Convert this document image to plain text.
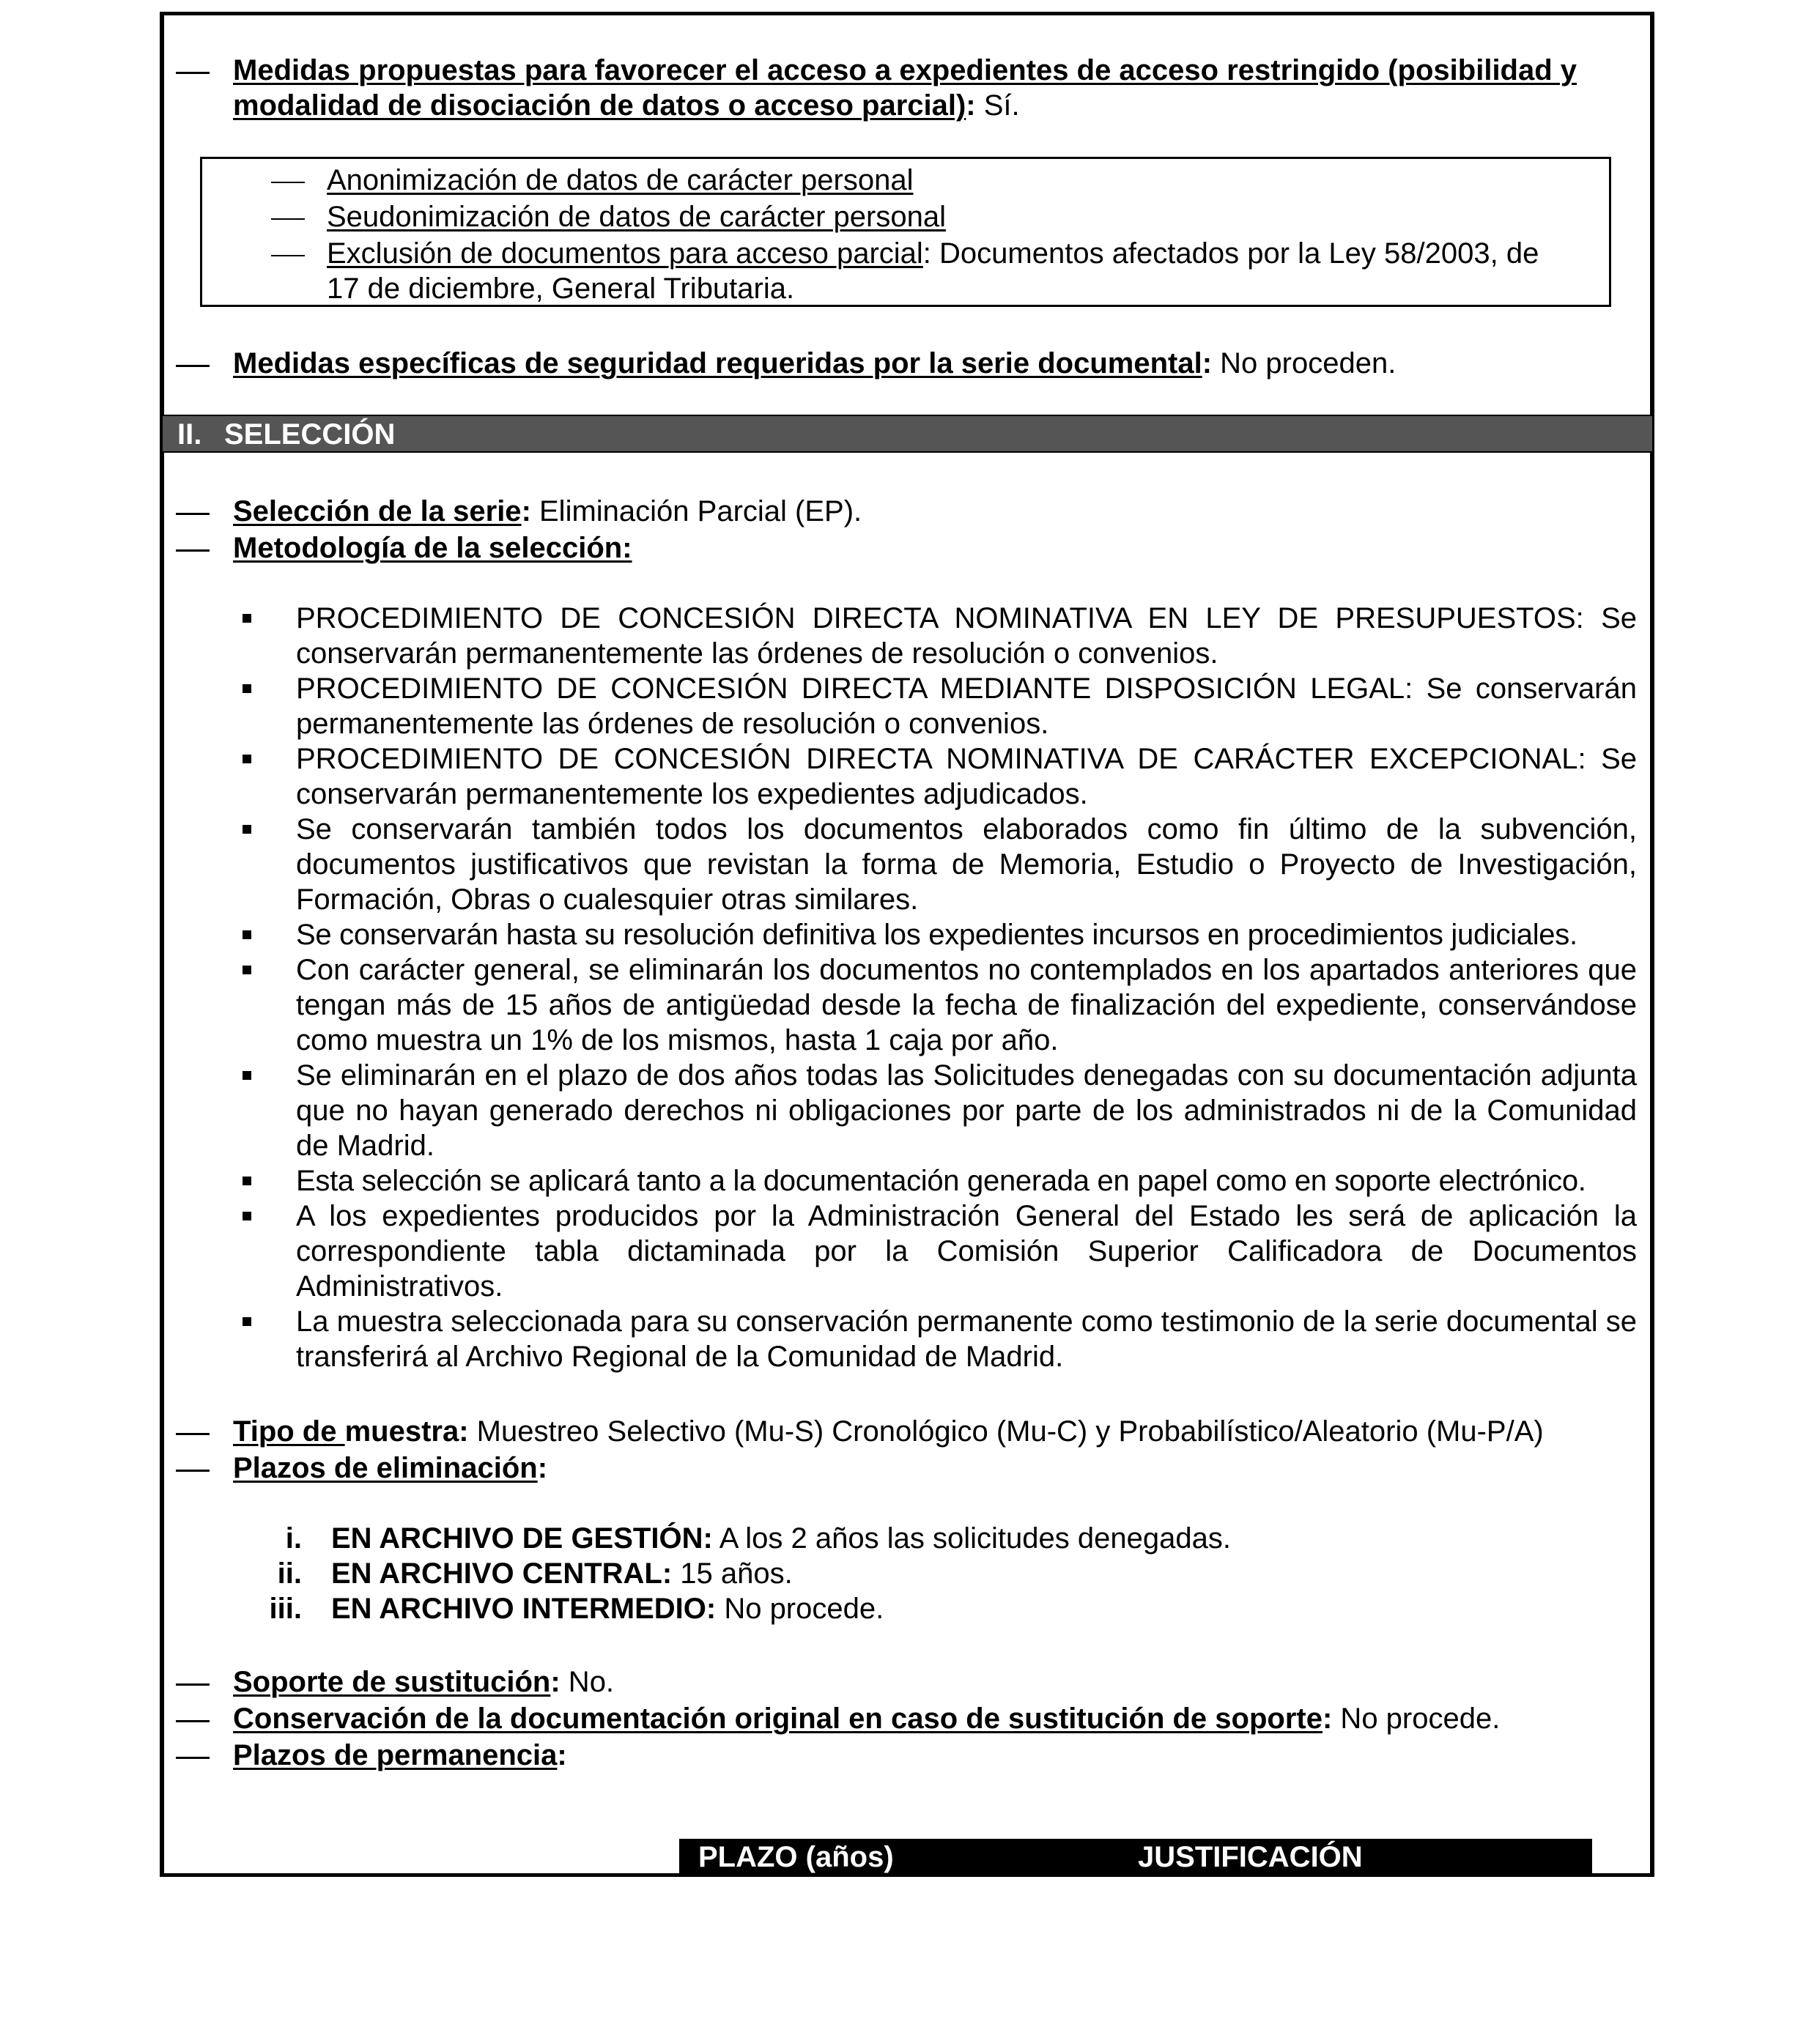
Medidas propuestas para favorecer el acceso a expedientes de acceso restringido (posibilidad y
modalidad de disociación de datos o acceso parcial): Sí.
Anonimización de datos de carácter personal
Seudonimización de datos de carácter personal
Exclusión de documentos para acceso parcial: Documentos afectados por la Ley 58/2003, de
17 de diciembre, General Tributaria.
Medidas específicas de seguridad requeridas por la serie documental: No proceden.
II. SELECCIÓN
Selección de la serie: Eliminación Parcial (EP).
Metodología de la selección:
PROCEDIMIENTO DE CONCESIÓN DIRECTA NOMINATIVA EN LEY DE PRESUPUESTOS: Se conservarán permanentemente las órdenes de resolución o convenios.
PROCEDIMIENTO DE CONCESIÓN DIRECTA MEDIANTE DISPOSICIÓN LEGAL: Se conservarán permanentemente las órdenes de resolución o convenios.
PROCEDIMIENTO DE CONCESIÓN DIRECTA NOMINATIVA DE CARÁCTER EXCEPCIONAL: Se conservarán permanentemente los expedientes adjudicados.
Se conservarán también todos los documentos elaborados como fin último de la subvención, documentos justificativos que revistan la forma de Memoria, Estudio o Proyecto de Investigación, Formación, Obras o cualesquier otras similares.
Se conservarán hasta su resolución definitiva los expedientes incursos en procedimientos judiciales.
Con carácter general, se eliminarán los documentos no contemplados en los apartados anteriores que tengan más de 15 años de antigüedad desde la fecha de finalización del expediente, conservándose como muestra un 1% de los mismos, hasta 1 caja por año.
Se eliminarán en el plazo de dos años todas las Solicitudes denegadas con su documentación adjunta que no hayan generado derechos ni obligaciones por parte de los administrados ni de la Comunidad de Madrid.
Esta selección se aplicará tanto a la documentación generada en papel como en soporte electrónico.
A los expedientes producidos por la Administración General del Estado les será de aplicación la correspondiente tabla dictaminada por la Comisión Superior Calificadora de Documentos Administrativos.
La muestra seleccionada para su conservación permanente como testimonio de la serie documental se transferirá al Archivo Regional de la Comunidad de Madrid.
Tipo de muestra: Muestreo Selectivo (Mu-S) Cronológico (Mu-C) y Probabilístico/Aleatorio (Mu-P/A)
Plazos de eliminación:
i. EN ARCHIVO DE GESTIÓN: A los 2 años las solicitudes denegadas.
ii. EN ARCHIVO CENTRAL: 15 años.
iii. EN ARCHIVO INTERMEDIO: No procede.
Soporte de sustitución: No.
Conservación de la documentación original en caso de sustitución de soporte: No procede.
Plazos de permanencia:
PLAZO (años)	JUSTIFICACIÓN
